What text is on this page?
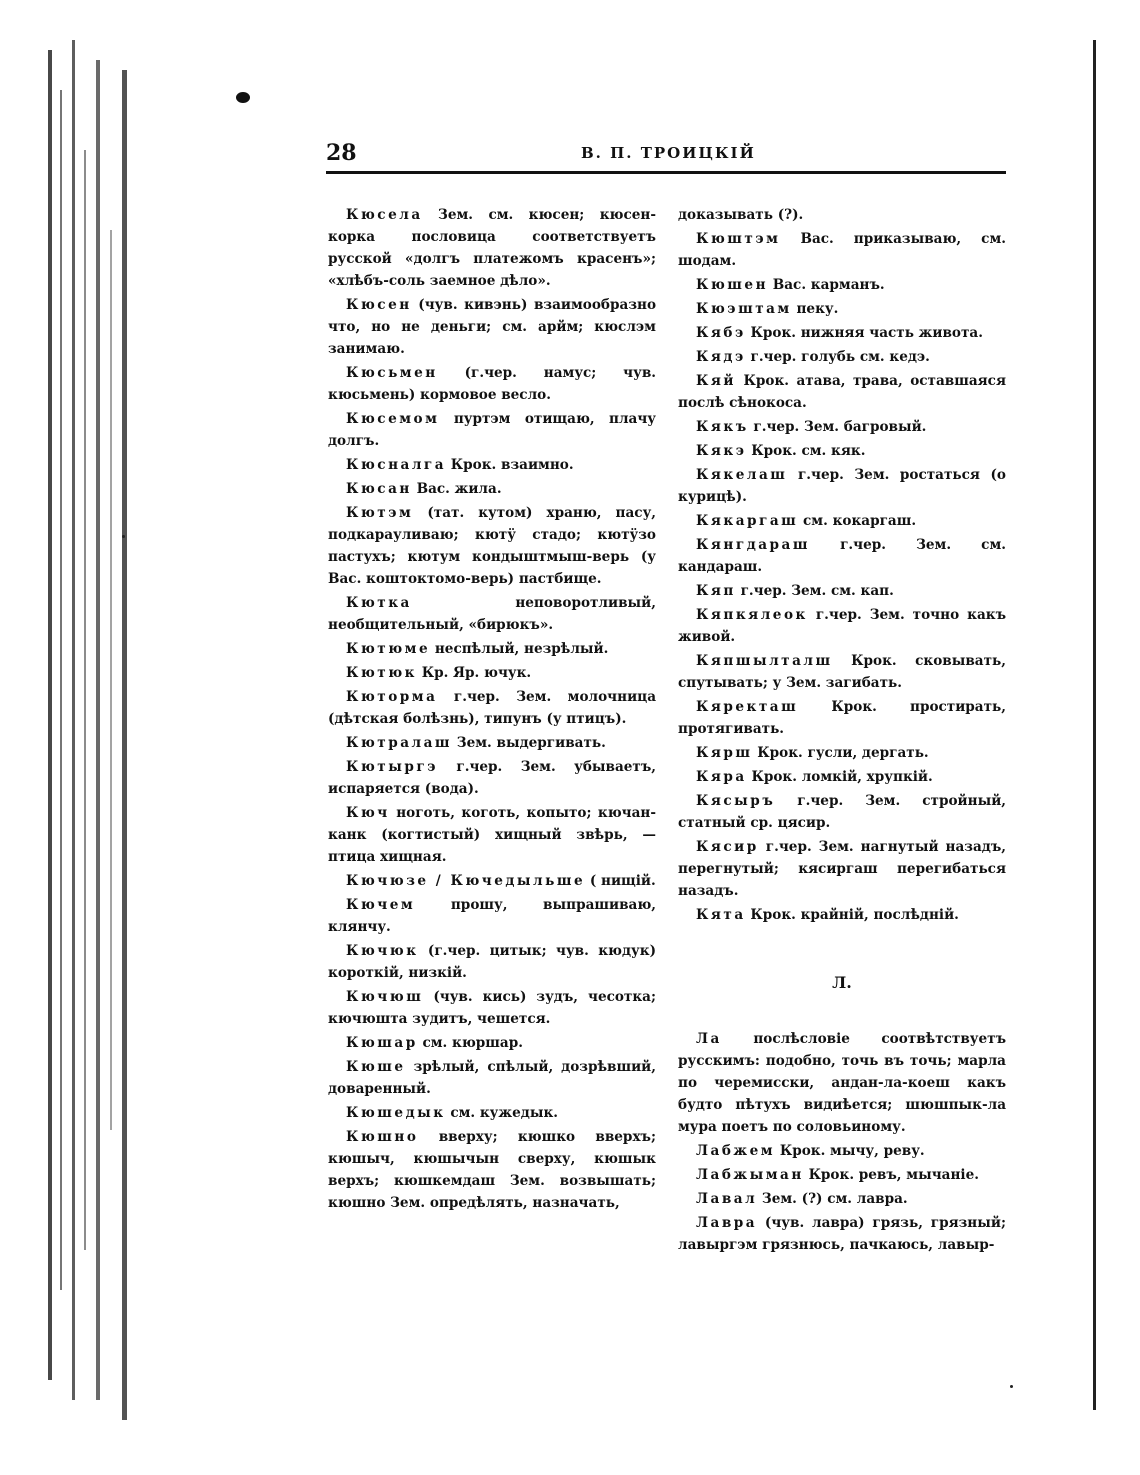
28	В. П. ТРОИЦКІЙ

Кюсела Зем. см. кюсен; кюсен-корка пословица соответствуетъ русской «долгъ платежомъ красенъ»; «хлѣбъ-соль заемное дѣло».

Кюсен (чув. кивэнь) взаимообразно что, но не деньги; см. арйм; кюслэм занимаю.

Кюсьмен (г.чер. намус; чув. кюсьмень) кормовое весло.

Кюсемом пуртэм отищаю, плачу долгъ.

Кюсналга Крок. взаимно.

Кюсан Вас. жила.

Кютэм (тат. кутом) храню, пасу, подкарауливаю; кютӱ стадо; кютӱзо пастухъ; кютум кондыштмыш-верь (у Вас. коштоктомо-верь) пастбище.

Кютка	неповоротливый, необщительный, «бирюкъ».

Кютюме неспѣлый, незрѣлый.

Кютюк Кр. Яр. ючук.

Кюторма г.чер. Зем. молочница (дѣтская болѣзнь), типунъ (у птицъ).

Кютралаш Зем. выдергивать.

Кютыргэ г.чер. Зем. убываетъ, испаряется (вода).

Кюч ноготь, коготь, копыто; кючан-канк (когтистый) хищный звѣрь, — птица хищная.

Кючюзе / Кючедыльше ( нищій.

Кючем	прошу, выпрашиваю, клянчу.

Кючюк (г.чер. цитык; чув. кюдук) короткій, низкій.

Кючюш (чув. кись) зудъ, чесотка; кючюшта зудитъ, чешется.

Кюшар см. кюршар.

Кюше зрѣлый, спѣлый, дозрѣвший, доваренный.

Кюшедык см. кужедык.

Кюшно вверху; кюшко вверхъ; кюшыч, кюшычын сверху, кюшык верхъ; кюшкемдаш Зем. возвышать; кюшно Зем. опредѣлять, назначать,

доказывать (?).

Кюштэм Вас. приказываю, см. шодам.

Кюшен Вас. карманъ.

Кюэштам пеку.

Кябэ Крок. нижняя часть живота.

Кядэ г.чер. голубь см. кедэ.

Кяй Крок. атава, трава, оставшаяся послѣ сѣнокоса.

Кякъ г.чер. Зем. багровый.

Кякэ Крок. см. кяк.

Кякелаш г.чер. Зем. ростаться (о курицѣ).

Кякаргаш см. кокаргаш.

Кянгдараш г.чер. Зем. см. кандараш.

Кяп г.чер. Зем. см. кап.

Кяпкялеок г.чер. Зем. точно какъ живой.

Кяпшылталш Крок. сковывать, спутывать; у Зем. загибать.

Кяректаш Крок. простирать, протягивать.

Кярш Крок. гусли, дергать.

Кяра Крок. ломкій, хрупкій.

Кясыръ г.чер. Зем. стройный, статный ср. цясир.

Кясир г.чер. Зем. нагнутый назадъ, перегнутый; кясиргаш перегибаться назадъ.

Кята Крок. крайній, послѣдній.

Л.

Ла послѣсловіе соотвѣтствуетъ русскимъ: подобно, точь въ точь; марла по черемисски, андан-ла-коеш какъ будто пѣтухъ видиѣется; шюшпык-ла мура поетъ по соловьиному.

Лабжем Крок. мычу, реву.

Лабжыман Крок. ревъ, мычаніе.

Лавал Зем. (?) см. лавра.

Лавра (чув. лавра) грязь, грязный; лавыргэм грязнюсь, пачкаюсь, лавыр-
